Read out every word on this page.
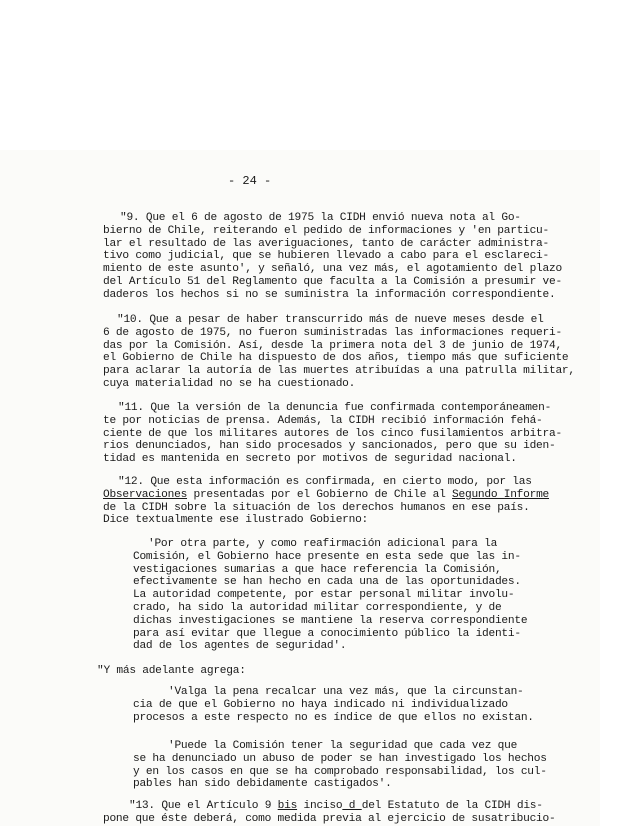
- 24 -
"9. Que el 6 de agosto de 1975 la CIDH envió nueva nota al Go-
bierno de Chile, reiterando el pedido de informaciones y 'en particu-
lar el resultado de las averiguaciones, tanto de carácter administra-
tivo como judicial, que se hubieren llevado a cabo para el esclareci-
miento de este asunto', y señaló, una vez más, el agotamiento del plazo
del Artículo 51 del Reglamento que faculta a la Comisión a presumir ve-
daderos los hechos si no se suministra la información correspondiente.
"10. Que a pesar de haber transcurrido más de nueve meses desde el
6 de agosto de 1975, no fueron suministradas las informaciones requeri-
das por la Comisión. Así, desde la primera nota del 3 de junio de 1974,
el Gobierno de Chile ha dispuesto de dos años, tiempo más que suficiente
para aclarar la autoría de las muertes atribuídas a una patrulla militar,
cuya materialidad no se ha cuestionado.
"11. Que la versión de la denuncia fue confirmada contemporáneamen-
te por noticias de prensa. Además, la CIDH recibió información fehá-
ciente de que los militares autores de los cinco fusilamientos arbitra-
rios denunciados, han sido procesados y sancionados, pero que su iden-
tidad es mantenida en secreto por motivos de seguridad nacional.
"12. Que esta información es confirmada, en cierto modo, por las
Observaciones presentadas por el Gobierno de Chile al Segundo Informe
de la CIDH sobre la situación de los derechos humanos en ese país.
Dice textualmente ese ilustrado Gobierno:
'Por otra parte, y como reafirmación adicional para la
Comisión, el Gobierno hace presente en esta sede que las in-
vestigaciones sumarias a que hace referencia la Comisión,
efectivamente se han hecho en cada una de las oportunidades.
La autoridad competente, por estar personal militar involu-
crado, ha sido la autoridad militar correspondiente, y de
dichas investigaciones se mantiene la reserva correspondiente
para así evitar que llegue a conocimiento público la identi-
dad de los agentes de seguridad'.
"Y más adelante agrega:
'Valga la pena recalcar una vez más, que la circunstan-
cia de que el Gobierno no haya indicado ni individualizado
procesos a este respecto no es índice de que ellos no existan.
'Puede la Comisión tener la seguridad que cada vez que
se ha denunciado un abuso de poder se han investigado los hechos
y en los casos en que se ha comprobado responsabilidad, los cul-
pables han sido debidamente castigados'.
"13. Que el Artículo 9 bis inciso d del Estatuto de la CIDH dis-
pone que éste deberá, como medida previa al ejercicio de susatribucio-
